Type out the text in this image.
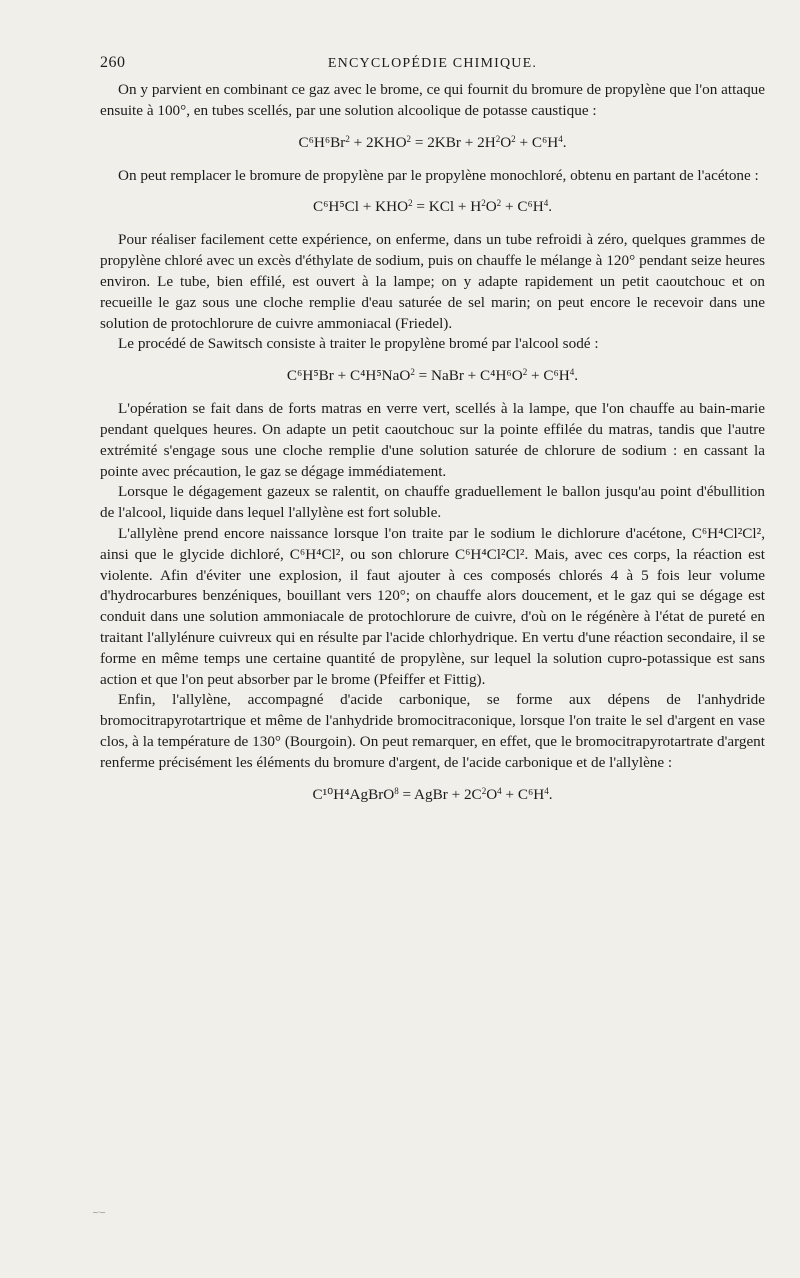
260	ENCYCLOPÉDIE CHIMIQUE.

On y parvient en combinant ce gaz avec le brome, ce qui fournit du bromure de propylène que l'on attaque ensuite à 100°, en tubes scellés, par une solution alcoolique de potasse caustique :

$C^6H^6Br^2 + 2KHO^2 = 2KBr + 2H^2O^2 + C^6H^4$.

On peut remplacer le bromure de propylène par le propylène monochloré, obtenu en partant de l'acétone :

$C^6H^5Cl + KHO^2$ = KCl + $H^2O^2 + C^6H^4$.

Pour réaliser facilement cette expérience, on enferme, dans un tube refroidi à zéro, quelques grammes de propylène chloré avec un excès d'éthylate de sodium, puis on chauffe le mélange à 120° pendant seize heures environ. Le tube, bien effilé, est ouvert à la lampe; on y adapte rapidement un petit caoutchouc et on recueille le gaz sous une cloche remplie d'eau saturée de sel marin; on peut encore le recevoir dans une solution de protochlorure de cuivre ammoniacal (Friedel).

Le procédé de Sawitsch consiste à traiter le propylène bromé par l'alcool sodé :

C⁶H⁵Br + C⁴H⁵NaO$^2$ = NaBr + $C^4H^6O^2 + C^6H^4$.

L'opération se fait dans de forts matras en verre vert, scellés à la lampe, que l'on chauffe au bain-marie pendant quelques heures. On adapte un petit caoutchouc sur la pointe effilée du matras, tandis que l'autre extrémité s'engage sous une cloche remplie d'une solution saturée de chlorure de sodium : en cassant la pointe avec précaution, le gaz se dégage immédiatement.

Lorsque le dégagement gazeux se ralentit, on chauffe graduellement le ballon jusqu'au point d'ébullition de l'alcool, liquide dans lequel l'allylène est fort soluble.

L'allylène prend encore naissance lorsque l'on traite par le sodium le dichlorure d'acétone, C⁶H⁴Cl²Cl², ainsi que le glycide dichloré, C⁶H⁴Cl², ou son chlorure C⁶H⁴Cl²Cl². Mais, avec ces corps, la réaction est violente. Afin d'éviter une explosion, il faut ajouter à ces composés chlorés 4 à 5 fois leur volume d'hydrocarbures benzéniques, bouillant vers 120°; on chauffe alors doucement, et le gaz qui se dégage est conduit dans une solution ammoniacale de protochlorure de cuivre, d'où on le régénère à l'état de pureté en traitant l'allylénure cuivreux qui en résulte par l'acide chlorhydrique. En vertu d'une réaction secondaire, il se forme en même temps une certaine quantité de propylène, sur lequel la solution cupro-potassique est sans action et que l'on peut absorber par le brome (Pfeiffer et Fittig).

Enfin, l'allylène, accompagné d'acide carbonique, se forme aux dépens de l'anhydride bromocitrapyrotartrique et même de l'anhydride bromocitraconique, lorsque l'on traite le sel d'argent en vase clos, à la température de 130° (Bourgoin). On peut remarquer, en effet, que le bromocitrapyrotartrate d'argent renferme précisément les éléments du bromure d'argent, de l'acide carbonique et de l'allylène :

C¹⁰H⁴AgBrO$^8$ = AgBr + $2C^2O^4 + C^6H^4$.
~·~
